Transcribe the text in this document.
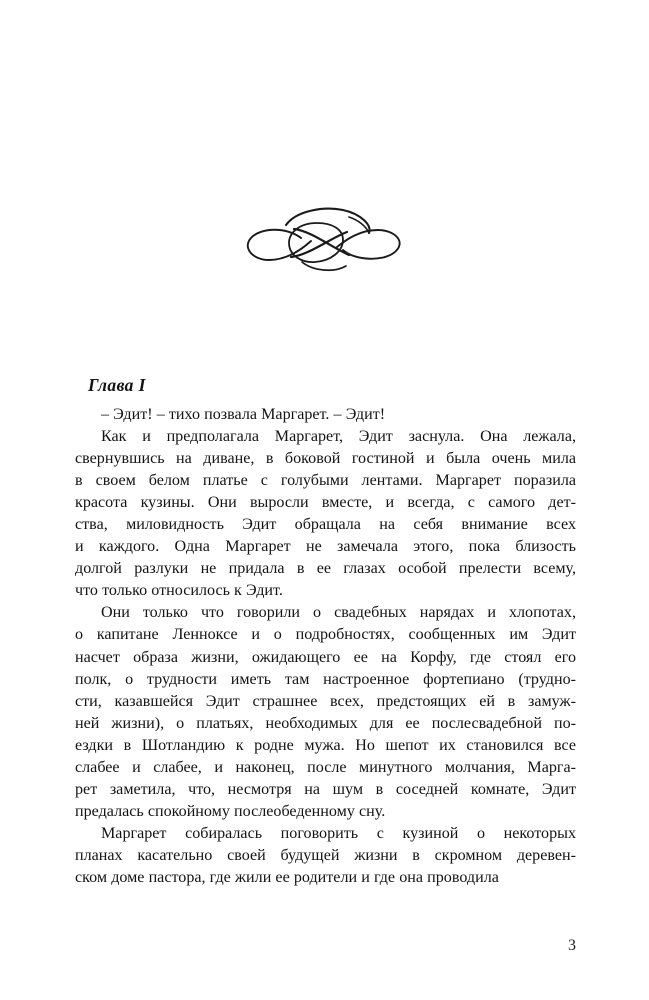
Глава I

– Эдит! – тихо позвала Маргарет. – Эдит!

Как и предполагала Маргарет, Эдит заснула. Она лежала,
свернувшись на диване, в боковой гостиной и была очень мила
в своем белом платье с голубыми лентами. Маргарет поразила
красота кузины. Они выросли вместе, и всегда, с самого дет-
ства, миловидность Эдит обращала на себя внимание всех
и каждого. Одна Маргарет не замечала этого, пока близость
долгой разлуки не придала в ее глазах особой прелести всему,
что только относилось к Эдит.

Они только что говорили о свадебных нарядах и хлопотах,
о капитане Ленноксе и о подробностях, сообщенных им Эдит
насчет образа жизни, ожидающего ее на Корфу, где стоял его
полк, о трудности иметь там настроенное фортепиано (трудно-
сти, казавшейся Эдит страшнее всех, предстоящих ей в замуж-
ней жизни), о платьях, необходимых для ее послесвадебной по-
ездки в Шотландию к родне мужа. Но шепот их становился все
слабее и слабее, и наконец, после минутного молчания, Марга-
рет заметила, что, несмотря на шум в соседней комнате, Эдит
предалась спокойному послеобеденному сну.

Маргарет собиралась поговорить с кузиной о некоторых
планах касательно своей будущей жизни в скромном деревен-
ском доме пастора, где жили ее родители и где она проводила

3
